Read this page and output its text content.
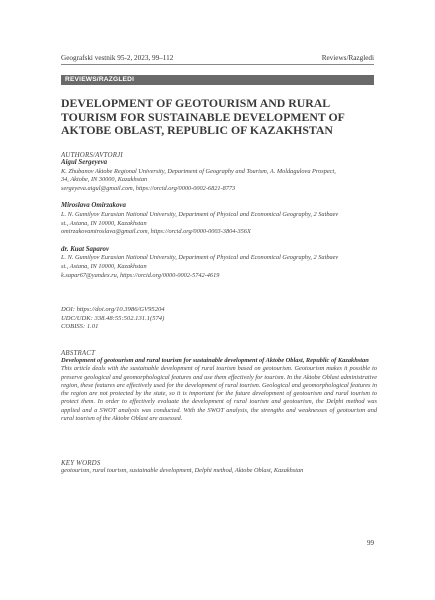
Geografski vestnik 95-2, 2023, 99–112	Reviews/Razgledi
REVIEWS/RAZGLEDI
DEVELOPMENT OF GEOTOURISM AND RURAL TOURISM FOR SUSTAINABLE DEVELOPMENT OF AKTOBE OBLAST, REPUBLIC OF KAZAKHSTAN
AUTHORS/AVTORJI
Aigul Sergeyeva
K. Zhubanov Aktobe Regional University, Department of Geography and Tourism, A. Moldagulova Prospect,
34, Aktobe, IN 30000, Kazakhstan
sergeyeva.aigul@gmail.com, https://orcid.org/0000-0002-6821-8773
Miroslava Omirzakova
L. N. Gumilyov Eurasian National University, Department of Physical and Economical Geography, 2 Satbaev
st., Astana, IN 10000, Kazakhstan
omirzakovamiroslava@gmail.com, https://orcid.org/0000-0003-3804-356X
dr. Kuat Saparov
L. N. Gumilyov Eurasian National University, Department of Physical and Economical Geography, 2 Satbaev
st., Astana, IN 10000, Kazakhstan
k.sapar67@yandex.ru, https://orcid.org/0000-0002-5742-4619
DOI: https://doi.org/10.3986/GV95204
UDC/UDK: 338.48:55:502.131.1(574)
COBISS: 1.01
ABSTRACT
Development of geotourism and rural tourism for sustainable development of Aktobe Oblast, Republic of Kazakhstan
This article deals with the sustainable development of rural tourism based on geotourism. Geotourism makes it possible to preserve geological and geomorphological features and use them effectively for tourism. In the Aktobe Oblast administrative region, these features are effectively used for the development of rural tourism. Geological and geomorphological features in the region are not protected by the state, so it is important for the future development of geotourism and rural tourism to protect them. In order to effectively evaluate the development of rural tourism and geotourism, the Delphi method was applied and a SWOT analysis was conducted. With the SWOT analysis, the strengths and weaknesses of geotourism and rural tourism of the Aktobe Oblast are assessed.
KEY WORDS
geotourism, rural tourism, sustainable development, Delphi method, Aktobe Oblast, Kazakhstan
99
